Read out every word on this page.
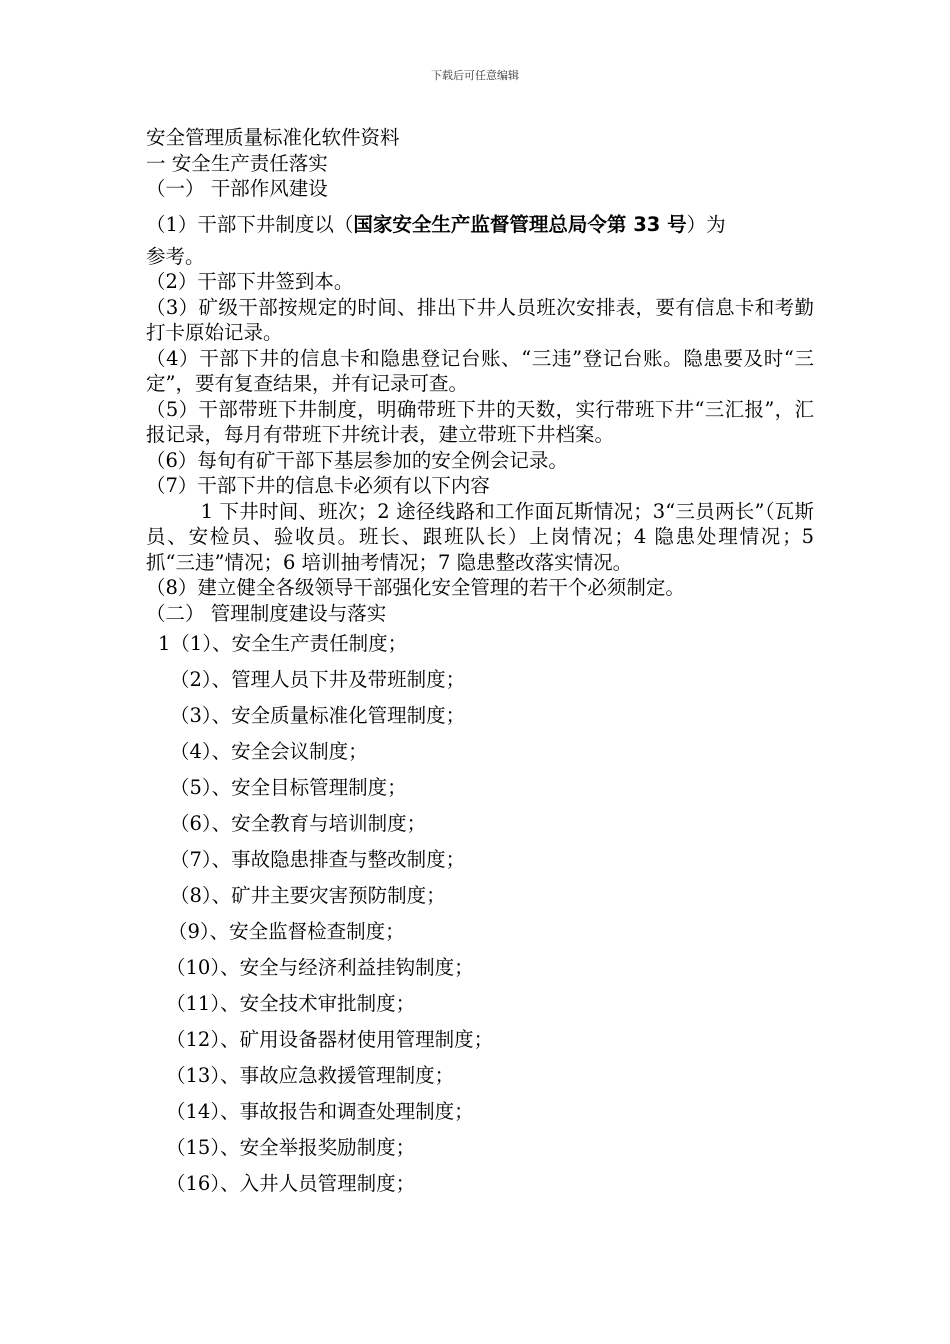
下载后可任意编辑
安全管理质量标准化软件资料
一 安全生产责任落实
（一） 干部作风建设
（1）干部下井制度以（国家安全生产监督管理总局令第 33 号）为
参考。
（2）干部下井签到本。
（3）矿级干部按规定的时间、排出下井人员班次安排表，要有信息卡和考勤打卡原始记录。
（4）干部下井的信息卡和隐患登记台账、“三违”登记台账。隐患要及时“三定”，要有复查结果，并有记录可查。
（5）干部带班下井制度，明确带班下井的天数，实行带班下井“三汇报”，汇报记录，每月有带班下井统计表，建立带班下井档案。
（6）每旬有矿干部下基层参加的安全例会记录。
（7）干部下井的信息卡必须有以下内容
1 下井时间、班次；2 途径线路和工作面瓦斯情况；3“三员两长”（瓦斯员、安检员、验收员。班长、跟班队长）上岗情况；4 隐患处理情况；5 抓“三违”情况；6 培训抽考情况；7 隐患整改落实情况。
（8）建立健全各级领导干部强化安全管理的若干个必须制定。
（二） 管理制度建设与落实
1（1）、安全生产责任制度；
（2）、管理人员下井及带班制度；
（3）、安全质量标准化管理制度；
（4）、安全会议制度；
（5）、安全目标管理制度；
（6）、安全教育与培训制度；
（7）、事故隐患排查与整改制度；
（8）、矿井主要灾害预防制度；
（9）、安全监督检查制度；
（10）、安全与经济利益挂钩制度；
（11）、安全技术审批制度；
（12）、矿用设备器材使用管理制度；
（13）、事故应急救援管理制度；
（14）、事故报告和调查处理制度；
（15）、安全举报奖励制度；
（16）、入井人员管理制度；
